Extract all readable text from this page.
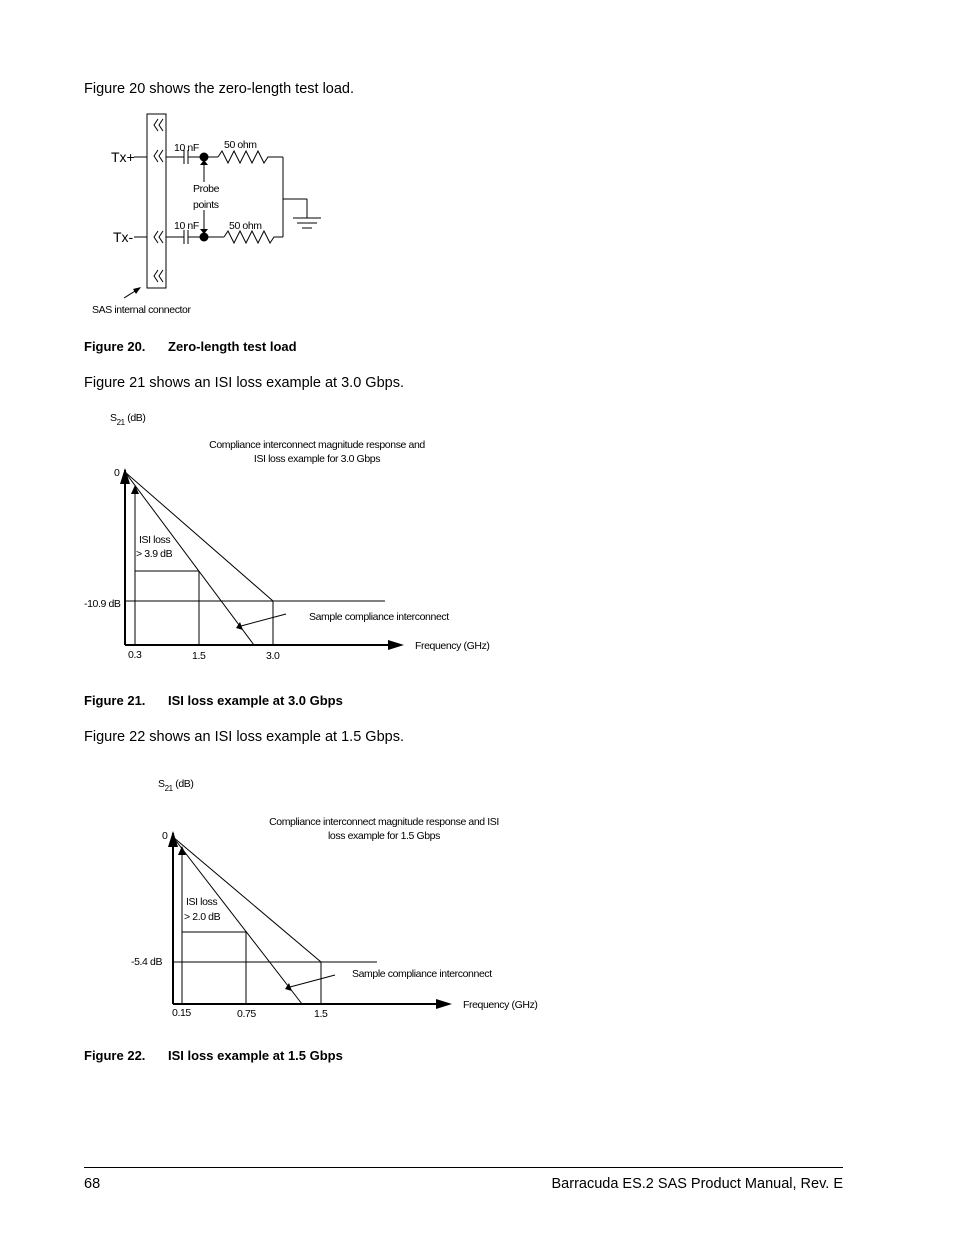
Figure 20 shows the zero-length test load.
Tx+
Tx-
10 nF
10 nF
50 ohm
50 ohm
Probe
points
SAS internal connector
Figure 20. Zero-length test load
Figure 21 shows an ISI loss example at 3.0 Gbps.
$S_{21}$ (dB)
Compliance interconnect magnitude response and
ISI loss example for 3.0 Gbps
0
-10.9 dB
ISI loss
> 3.9 dB
Sample compliance interconnect
Frequency (GHz)
0.3	1.5	3.0
Figure 21. ISI loss example at 3.0 Gbps
Figure 22 shows an ISI loss example at 1.5 Gbps.
$S_{21}$ (dB)
Compliance interconnect magnitude response and ISI
loss example for 1.5 Gbps
0
-5.4 dB
ISI loss
> 2.0 dB
Sample compliance interconnect
Frequency (GHz)
0.15	0.75	1.5
Figure 22. ISI loss example at 1.5 Gbps
68	Barracuda ES.2 SAS Product Manual, Rev. E
